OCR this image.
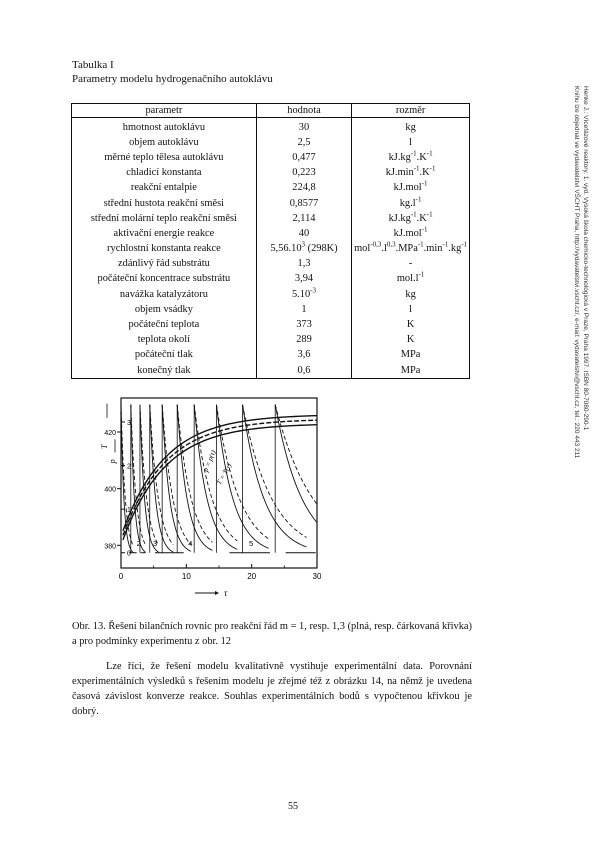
Tabulka I
Parametry modelu hydrogenačního autoklávu
parametr	hodnota	rozměr
hmotnost autoklávu	30	kg
objem autoklávu	2,5	l
měrné teplo tělesa autoklávu	0,477	$kJ.kg^{-1}.K^{-1}$
chladicí konstanta	0,223	$kJ.\min^{-1}.K^{-1}$
reakční entalpie	224,8	kJ.mol$^{-1}$
střední hustota reakční směsi	0,8577	$kg.l^{-1}$
střední molární teplo reakční směsi	2,114	$kJ.kg^{-1}.K^{-1}$
aktivační energie reakce	40	kJ.mol$^{-1}$
rychlostní konstanta reakce	5,56.10$^3$ (298K)	$mol^{-0,3}.l^{0,3}.MPa^{-1}.\min^{-1}.kg^{-1}$
zdánlivý řád substrátu	1,3	-
počáteční koncentrace substrátu	3,94	$mol.l^{-1}$
navážka katalyzátoru	$5.10^{-3}$	kg
objem vsádky	1	l
počáteční teplota	373	K
teplota okolí	289	K
počáteční tlak	3,6	MPa
konečný tlak	0,6	MPa
0	10	20	30
τ
420
400
380
3
2
1
0
T
p
2 3	4	5
p = p(τ)
T = T(τ)
Obr. 13. Řešení bilančních rovnic pro reakční řád m = 1, resp. 1,3 (plná, resp. čárkovaná křivka) a pro podmínky experimentu z obr. 12
Lze říci, že řešení modelu kvalitativně vystihuje experimentální data. Porovnání experimentálních výsledků s řešením modelu je zřejmé též z obrázku 14, na němž je uvedena časová závislost konverze reakce. Souhlas experimentálních bodů s vypočtenou křivkou je dobrý.
55
Henke J.: Vícefázové reaktory. 1. vyd. Vysoká škola chemicko-technologická v Praze, Praha 1997. ISBN 80-7080-290-1
Knihu lze objednat ve vydavatelství VŠCHT Praha, http://vydavatelstvi.vscht.cz/, e-mail: vydavatelstvi@vscht.cz, tel.: 220 443 211
